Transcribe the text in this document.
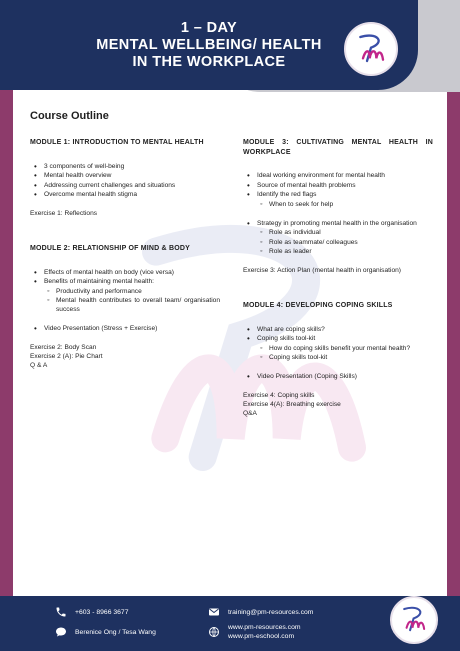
1 – DAY
MENTAL WELLBEING/ HEALTH
IN THE WORKPLACE
Course Outline
MODULE 1: INTRODUCTION TO MENTAL HEALTH
• 3 components of well-being
• Mental health overview
• Addressing current challenges and situations
• Overcome mental health stigma
Exercise 1: Reflections
MODULE 2: RELATIONSHIP OF MIND & BODY
• Effects of mental health on body (vice versa)
• Benefits of maintaining mental health:
◦ Productivity and performance
◦ Mental health contributes to overall team/ organisation success
• Video Presentation (Stress + Exercise)
Exercise 2: Body Scan
Exercise 2 (A): Pie Chart
Q & A
MODULE 3: CULTIVATING MENTAL HEALTH IN WORKPLACE
• Ideal working environment for mental health
• Source of mental health problems
• Identify the red flags
◦ When to seek for help
• Strategy in promoting mental health in the organisation
◦ Role as individual
◦ Role as teammate/ colleagues
◦ Role as leader
Exercise 3: Action Plan (mental health in organisation)
MODULE 4: DEVELOPING COPING SKILLS
• What are coping skills?
• Coping skills tool-kit
◦ How do coping skills benefit your mental health?
◦ Coping skills tool-kit
• Video Presentation (Coping Skills)
Exercise 4: Coping skills
Exercise 4(A): Breathing exercise
Q&A
+603 - 8966 3677
Berenice Ong / Tesa Wang
training@pm-resources.com
www.pm-resources.com
www.pm-eschool.com
